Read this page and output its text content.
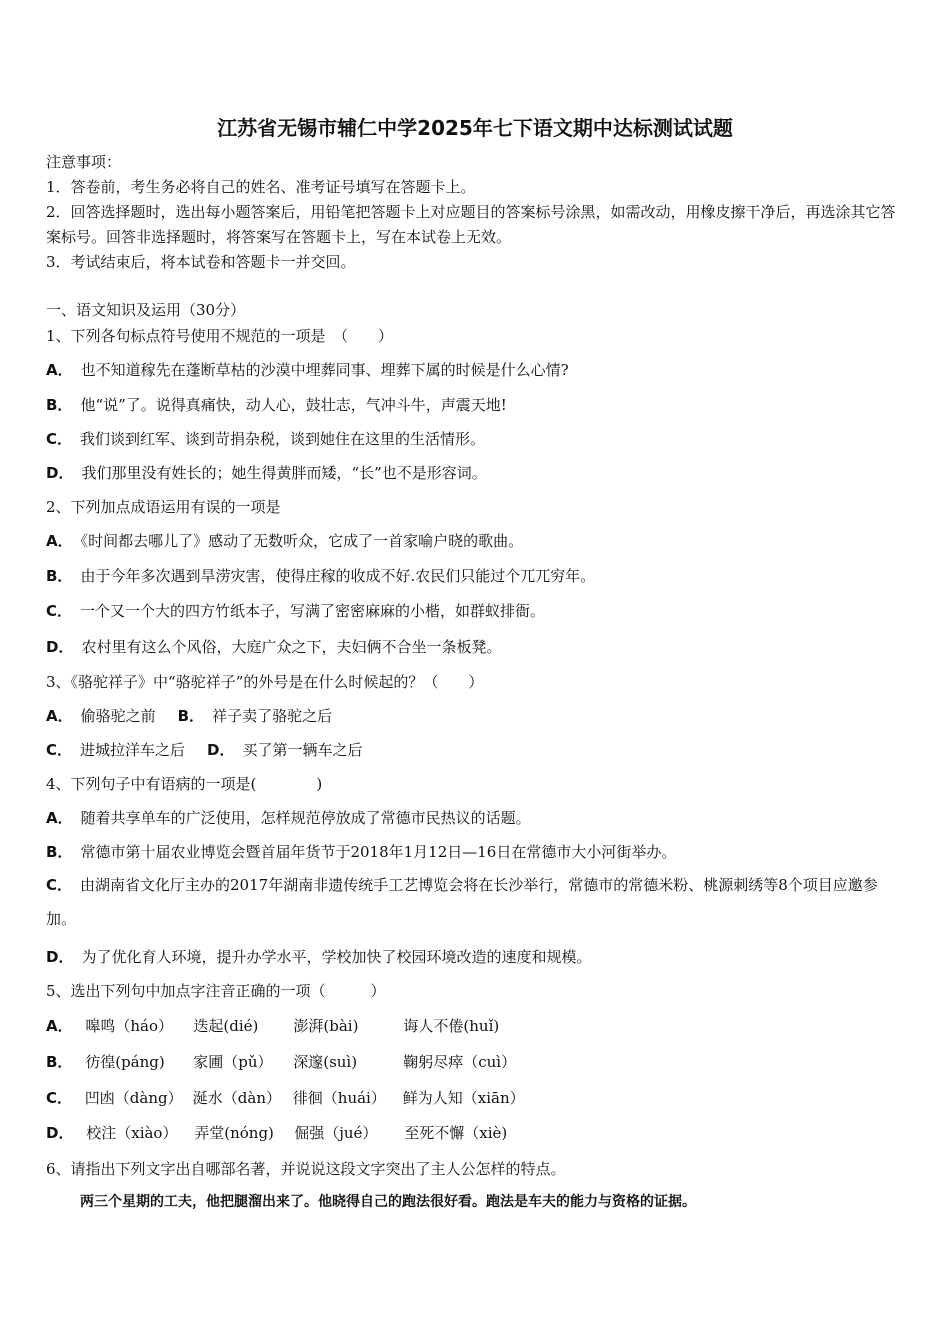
江苏省无锡市辅仁中学2025年七下语文期中达标测试试题

注意事项：

1．答卷前，考生务必将自己的姓名、准考证号填写在答题卡上。

2．回答选择题时，选出每小题答案后，用铅笔把答题卡上对应题目的答案标号涂黑，如需改动，用橡皮擦干净后，再选涂其它答案标号。回答非选择题时，将答案写在答题卡上，写在本试卷上无效。

3．考试结束后，将本试卷和答题卡一并交回。

一、语文知识及运用（30分）
1、下列各句标点符号使用不规范的一项是　（　　）
A． 也不知道稼先在蓬断草枯的沙漠中埋葬同事、埋葬下属的时候是什么心情?
B． 他“说”了。说得真痛快，动人心，鼓壮志，气冲斗牛，声震天地!
C． 我们谈到红军、谈到苛捐杂税，谈到她住在这里的生活情形。
D． 我们那里没有姓长的；她生得黄胖而矮，“长”也不是形容词。
2、下列加点成语运用有误的一项是
A． 《时间都去哪儿了》感动了无数听众，它成了一首家喻户晓的歌曲。
B． 由于今年多次遇到旱涝灾害，使得庄稼的收成不好.农民们只能过个兀兀穷年。
C． 一个又一个大的四方竹纸本子，写满了密密麻麻的小楷，如群蚁排衙。
D． 农村里有这么个风俗，大庭广众之下，夫妇俩不合坐一条板凳。
3、《骆驼祥子》中“骆驼祥子”的外号是在什么时候起的？（　　）
A． 偷骆驼之前 B． 祥子卖了骆驼之后
C． 进城拉洋车之后 D． 买了第一辆车之后
4、下列句子中有语病的一项是(　　　　)
A． 随着共享单车的广泛使用，怎样规范停放成了常德市民热议的话题。
B． 常德市第十届农业博览会暨首届年货节于2018年1月12日—16日在常德市大小河街举办。
C． 由湖南省文化厅主办的2017年湖南非遗传统手工艺博览会将在长沙举行，常德市的常德米粉、桃源刺绣等8个项目应邀参加。
D． 为了优化育人环境，提升办学水平，学校加快了校园环境改造的速度和规模。
5、选出下列句中加点字注音正确的一项（　　　）
A． 嗥鸣（háo） 迭起(dié) 澎湃(bài)	诲人不倦(huǐ)
B． 彷徨(páng) 家圃（pǔ） 深邃(suì)	鞠躬尽瘁（cuì）
C． 凹凼（dàng） 涎水（dàn） 徘徊（huái） 鲜为人知（xiān）
D． 校注（xiào） 弄堂(nóng) 倔强（jué） 至死不懈（xiè)
6、请指出下列文字出自哪部名著，并说说这段文字突出了主人公怎样的特点。
两三个星期的工夫，他把腿溜出来了。他晓得自己的跑法很好看。跑法是车夫的能力与资格的证据。
